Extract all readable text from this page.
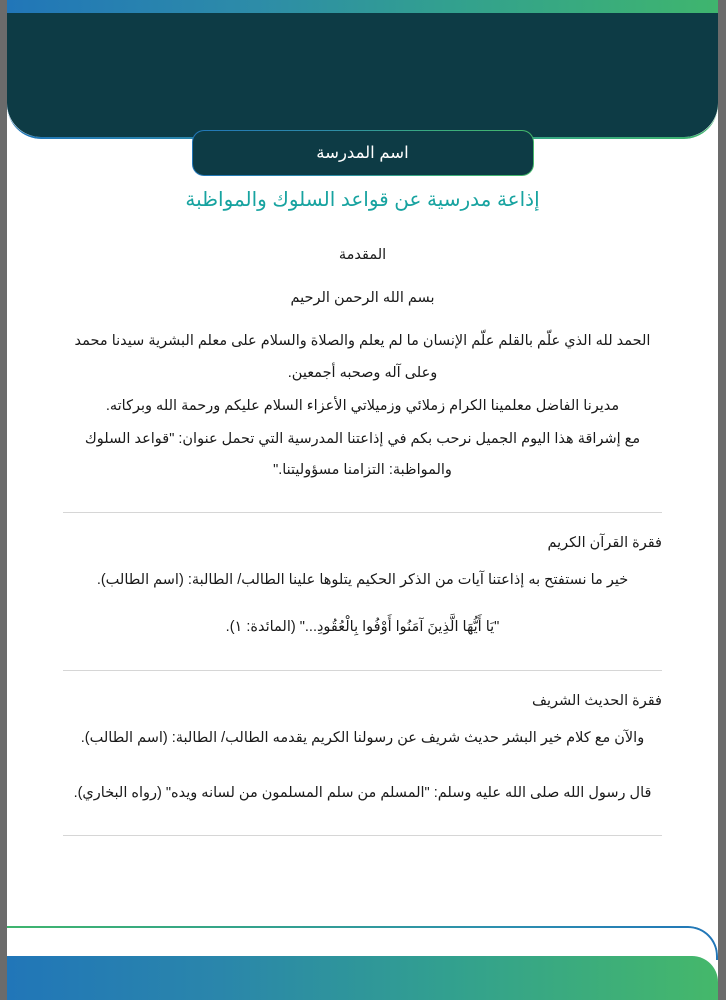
اسم المدرسة
إذاعة مدرسية عن قواعد السلوك والمواظبة
المقدمة
بسم الله الرحمن الرحيم

الحمد لله الذي علّم بالقلم علّم الإنسان ما لم يعلم والصلاة والسلام على معلم البشرية سيدنا محمد وعلى آله وصحبه أجمعين.

مديرنا الفاضل معلمينا الكرام زملائي وزميلاتي الأعزاء السلام عليكم ورحمة الله وبركاته.

مع إشراقة هذا اليوم الجميل نرحب بكم في إذاعتنا المدرسية التي تحمل عنوان: "قواعد السلوك والمواظبة: التزامنا مسؤوليتنا."

فقرة القرآن الكريم

خير ما نستفتح به إذاعتنا آيات من الذكر الحكيم يتلوها علينا الطالب/ الطالبة: (اسم الطالب).

"يَا أَيُّهَا الَّذِينَ آمَنُوا أَوْفُوا بِالْعُقُودِ..." (المائدة: ١).

فقرة الحديث الشريف

والآن مع كلام خير البشر حديث شريف عن رسولنا الكريم يقدمه الطالب/ الطالبة: (اسم الطالب).

قال رسول الله صلى الله عليه وسلم: "المسلم من سلم المسلمون من لسانه ويده" (رواه البخاري).
